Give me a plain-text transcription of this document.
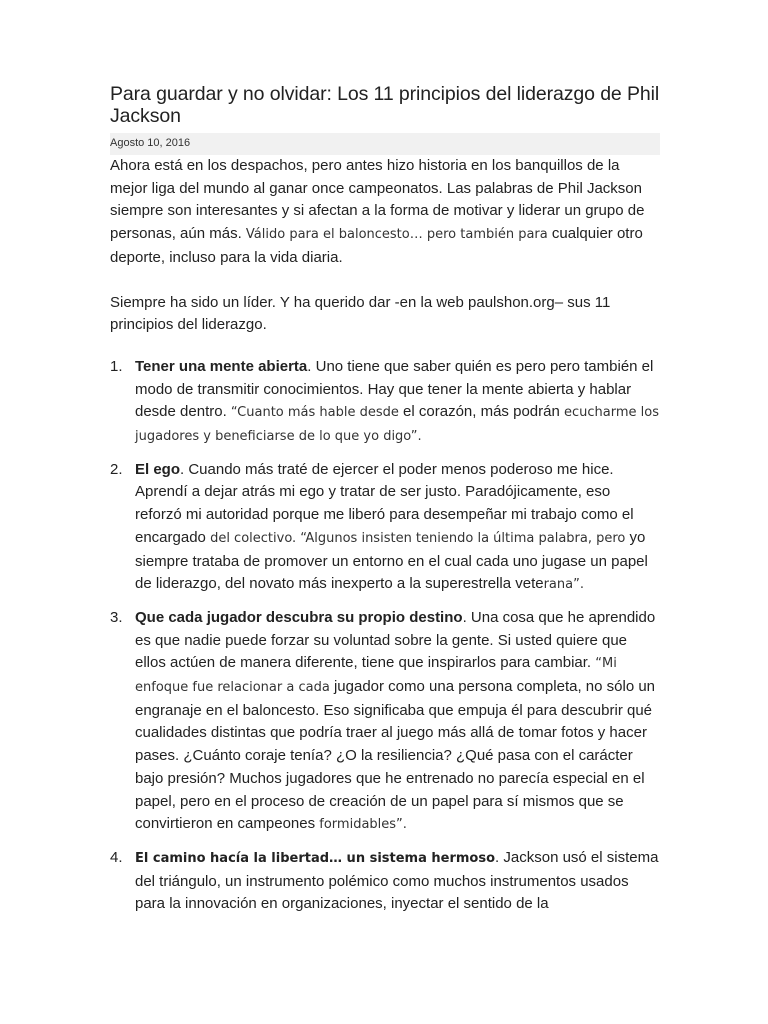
Para guardar y no olvidar: Los 11 principios del liderazgo de Phil Jackson
Agosto 10, 2016

Ahora está en los despachos, pero antes hizo historia en los banquillos de la mejor liga del mundo al ganar once campeonatos. Las palabras de Phil Jackson siempre son interesantes y si afectan a la forma de motivar y liderar un grupo de personas, aún más. Válido para el baloncesto… pero también para cualquier otro deporte, incluso para la vida diaria.

Siempre ha sido un líder. Y ha querido dar -en la web paulshon.org– sus 11 principios del liderazgo.

1. Tener una mente abierta. Uno tiene que saber quién es pero pero también el modo de transmitir conocimientos. Hay que tener la mente abierta y hablar desde dentro. “Cuanto más hable desde el corazón, más podrán ecucharme los jugadores y beneficiarse de lo que yo digo”.
2. El ego. Cuando más traté de ejercer el poder menos poderoso me hice. Aprendí a dejar atrás mi ego y tratar de ser justo. Paradójicamente, eso reforzó mi autoridad porque me liberó para desempeñar mi trabajo como el encargado del colectivo. “Algunos insisten teniendo la última palabra, pero yo siempre trataba de promover un entorno en el cual cada uno jugase un papel de liderazgo, del novato más inexperto a la superestrella veterana”.
3. Que cada jugador descubra su propio destino. Una cosa que he aprendido es que nadie puede forzar su voluntad sobre la gente. Si usted quiere que ellos actúen de manera diferente, tiene que inspirarlos para cambiar. “Mi enfoque fue relacionar a cada jugador como una persona completa, no sólo un engranaje en el baloncesto. Eso significaba que empuja él para descubrir qué cualidades distintas que podría traer al juego más allá de tomar fotos y hacer pases. ¿Cuánto coraje tenía? ¿O la resiliencia? ¿Qué pasa con el carácter bajo presión? Muchos jugadores que he entrenado no parecía especial en el papel, pero en el proceso de creación de un papel para sí mismos que se convirtieron en campeones formidables”.
4. El camino hacía la libertad… un sistema hermoso. Jackson usó el sistema del triángulo, un instrumento polémico como muchos instrumentos usados para la innovación en organizaciones, inyectar el sentido de la
